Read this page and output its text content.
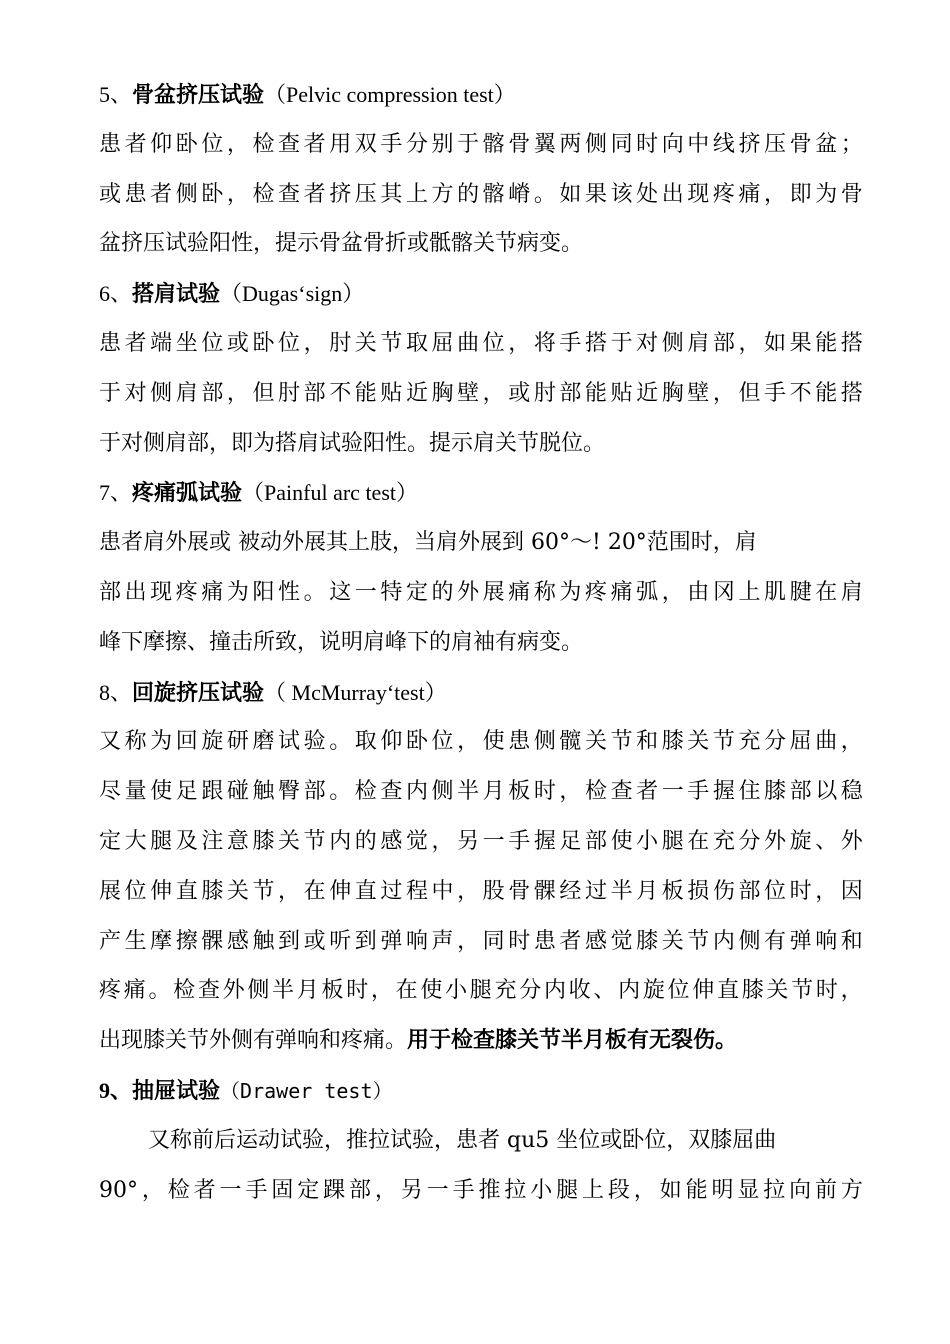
5、骨盆挤压试验（Pelvic compression test）
患 者 仰 卧 位 ， 检 查 者 用 双 手 分 别 于 髂 骨 翼 两 侧 同 时 向 中 线 挤 压 骨 盆 ；
或 患 者 侧 卧 ， 检 查 者 挤 压 其 上 方 的 髂 嵴 。 如 果 该 处 出 现 疼 痛 ， 即 为 骨
盆挤压试验阳性，提示骨盆骨折或骶髂关节病变。
6、搭肩试验（Dugas‘sign）
患 者 端 坐 位 或 卧 位 ， 肘 关 节 取 屈 曲 位 ， 将 手 搭 于 对 侧 肩 部 ， 如 果 能 搭
于 对 侧 肩 部 ， 但 肘 部 不 能 贴 近 胸 壁 ， 或 肘 部 能 贴 近 胸 壁 ， 但 手 不 能 搭
于对侧肩部，即为搭肩试验阳性。提示肩关节脱位。
7、疼痛弧试验（Painful arc test）
患者肩外展或 被动外展其上肢，当肩外展到 60°～! 20°范围时，肩
部 出 现 疼 痛 为 阳 性 。 这 一 特 定 的 外 展 痛 称 为 疼 痛 弧 ， 由 冈 上 肌 腱 在 肩
峰下摩擦、撞击所致，说明肩峰下的肩袖有病变。
8、回旋挤压试验（ McMurray‘test）
又 称 为 回 旋 研 磨 试 验 。 取 仰 卧 位 ， 使 患 侧 髋 关 节 和 膝 关 节 充 分 屈 曲 ，
尽 量 使 足 跟 碰 触 臀 部 。 检 查 内 侧 半 月 板 时 ， 检 查 者 一 手 握 住 膝 部 以 稳
定 大 腿 及 注 意 膝 关 节 内 的 感 觉 ， 另 一 手 握 足 部 使 小 腿 在 充 分 外 旋 、 外
展 位 伸 直 膝 关 节 ， 在 伸 直 过 程 中 ， 股 骨 髁 经 过 半 月 板 损 伤 部 位 时 ， 因
产 生 摩 擦 髁 感 触 到 或 听 到 弹 响 声 ， 同 时 患 者 感 觉 膝 关 节 内 侧 有 弹 响 和
疼 痛 。 检 查 外 侧 半 月 板 时 ， 在 使 小 腿 充 分 内 收 、 内 旋 位 伸 直 膝 关 节 时 ，
出现膝关节外侧有弹响和疼痛。用于检查膝关节半月板有无裂伤。
9、抽屉试验（Drawer test）
又称前后运动试验，推拉试验，患者 qu5 坐位或卧位，双膝屈曲
90° ， 检 者 一 手 固 定 踝 部 ， 另 一 手 推 拉 小 腿 上 段 ， 如 能 明 显 拉 向 前 方
